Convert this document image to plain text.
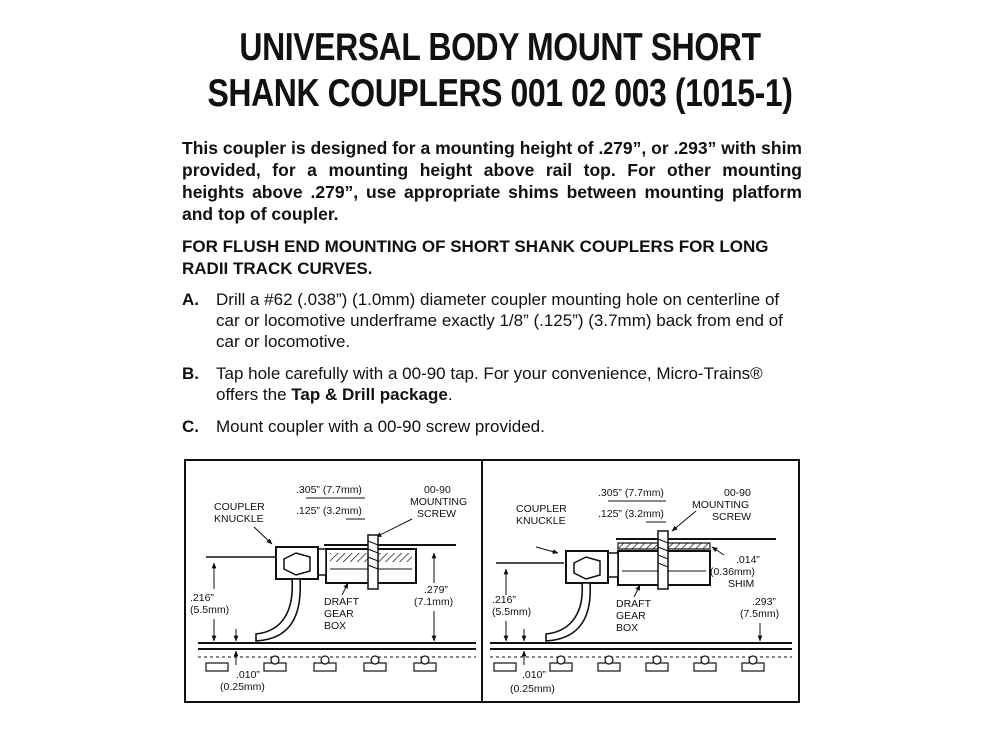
UNIVERSAL BODY MOUNT SHORT
SHANK COUPLERS 001 02 003 (1015-1)
This coupler is designed for a mounting height of .279”, or .293” with shim provided, for a mounting height above rail top. For other mounting heights above .279”, use appropriate shims between mounting platform and top of coupler.
FOR FLUSH END MOUNTING OF SHORT SHANK COUPLERS FOR LONG RADII TRACK CURVES.
A. Drill a #62 (.038”) (1.0mm) diameter coupler mounting hole on centerline of car or locomotive underframe exactly 1/8” (.125”) (3.7mm) back from end of car or locomotive.
B. Tap hole carefully with a 00-90 tap. For your convenience, Micro-Trains® offers the Tap & Drill package.
C. Mount coupler with a 00-90 screw provided.
.305” (7.7mm)	00-90
MOUNTING
SCREW
.125” (3.2mm)
COUPLER
KNUCKLE
DRAFT
GEAR
BOX
.216”
(5.5mm)
.279”
(7.1mm)
.010”
(0.25mm)
.305” (7.7mm)	00-90
MOUNTING
SCREW
.125” (3.2mm)
COUPLER
KNUCKLE
DRAFT
GEAR
BOX
.014”
(0.36mm)
SHIM
.216”
(5.5mm)
.293”
(7.5mm)
.010”
(0.25mm)
